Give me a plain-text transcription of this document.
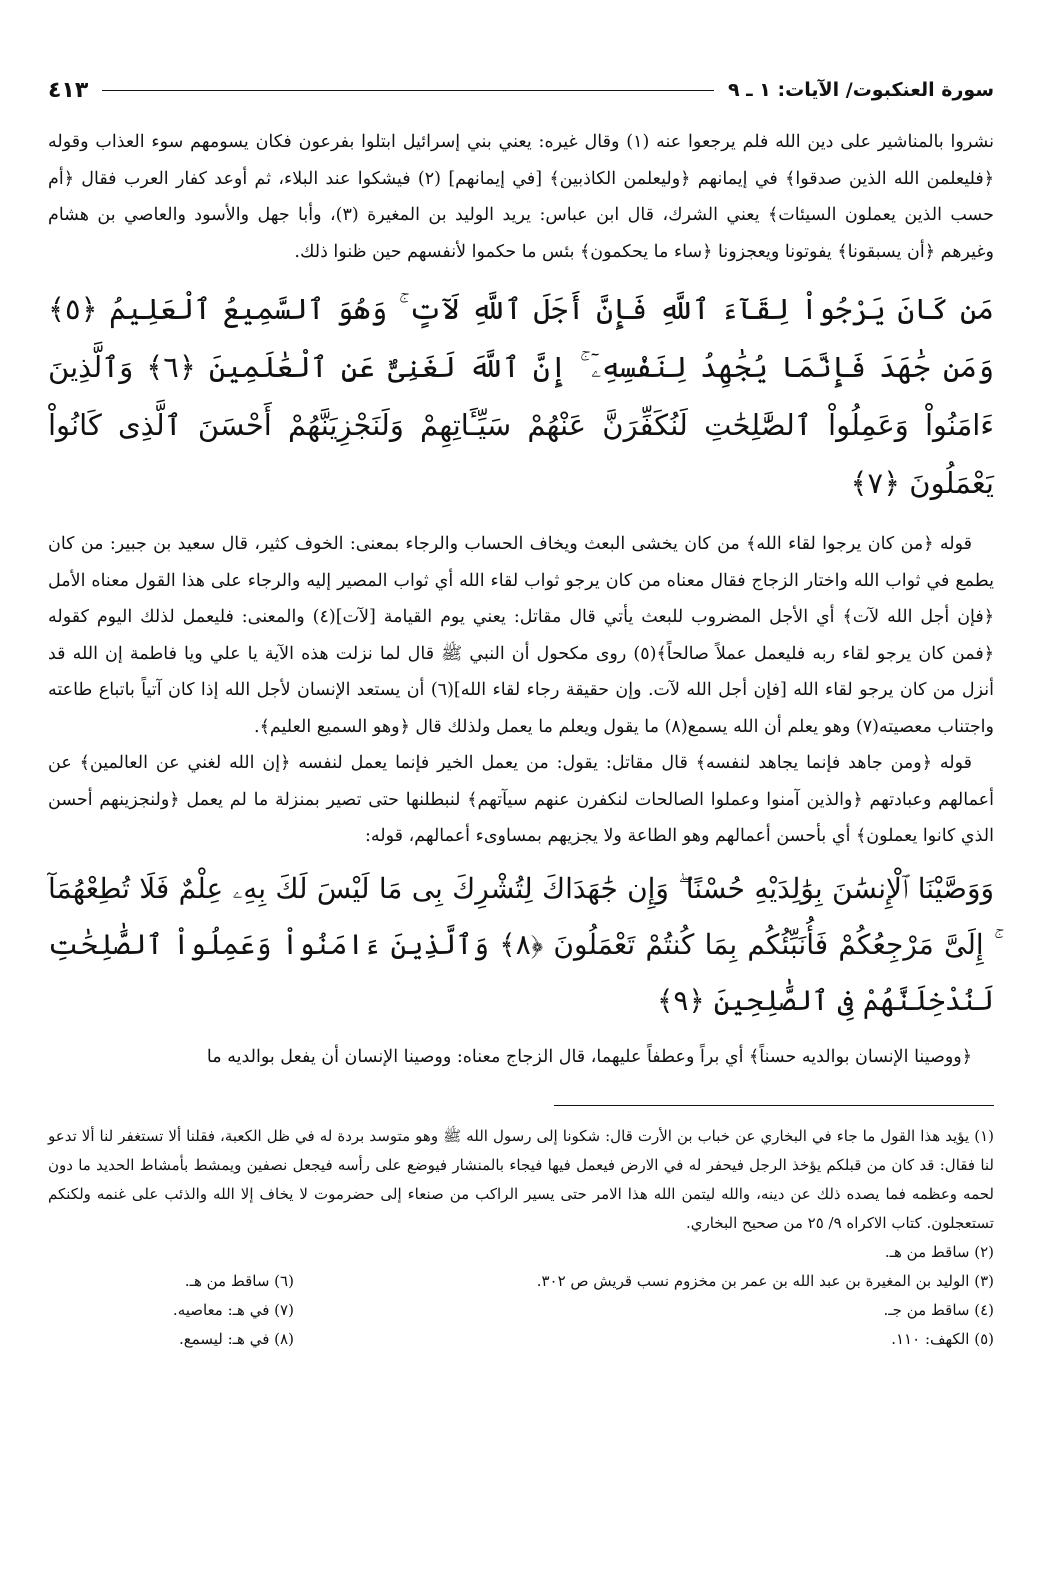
سورة العنكبوت/ الآيات: ١ ـ ٩
٤١٣

نشروا بالمناشير على دين الله فلم يرجعوا عنه (١) وقال غيره: يعني بني إسرائيل ابتلوا بفرعون فكان يسومهم سوء العذاب وقوله ﴿فليعلمن الله الذين صدقوا﴾ في إيمانهم ﴿وليعلمن الكاذبين﴾ [في إيمانهم] (٢) فيشكوا عند البلاء، ثم أوعد كفار العرب فقال ﴿أم حسب الذين يعملون السيئات﴾ يعني الشرك، قال ابن عباس: يريد الوليد بن المغيرة (٣)، وأبا جهل والأسود والعاصي بن هشام وغيرهم ﴿أن يسبقونا﴾ يفوتونا ويعجزونا ﴿ساء ما يحكمون﴾ بئس ما حكموا لأنفسهم حين ظنوا ذلك.

مَن كَانَ يَرْجُواْ لِقَآءَ ٱللَّهِ فَإِنَّ أَجَلَ ٱللَّهِ لَآتٍ ۚ وَهُوَ ٱلسَّمِيعُ ٱلْعَلِيمُ ﴿٥﴾ وَمَن جَٰهَدَ فَإِنَّمَا يُجَٰهِدُ لِنَفْسِهِۦٓ ۚ إِنَّ ٱللَّهَ لَغَنِىٌّ عَنِ ٱلْعَٰلَمِينَ ﴿٦﴾ وَٱلَّذِينَ ءَامَنُواْ وَعَمِلُواْ ٱلصَّٰلِحَٰتِ لَنُكَفِّرَنَّ عَنْهُمْ سَيِّـَٔاتِهِمْ وَلَنَجْزِيَنَّهُمْ أَحْسَنَ ٱلَّذِى كَانُواْ يَعْمَلُونَ ﴿٧﴾

قوله ﴿من كان يرجوا لقاء الله﴾ من كان يخشى البعث ويخاف الحساب والرجاء بمعنى: الخوف كثير، قال سعيد بن جبير: من كان يطمع في ثواب الله واختار الزجاج فقال معناه من كان يرجو ثواب لقاء الله أي ثواب المصير إليه والرجاء على هذا القول معناه الأمل ﴿فإن أجل الله لآت﴾ أي الأجل المضروب للبعث يأتي قال مقاتل: يعني يوم القيامة [لآت](٤) والمعنى: فليعمل لذلك اليوم كقوله ﴿فمن كان يرجو لقاء ربه فليعمل عملاً صالحاً﴾(٥) روى مكحول أن النبي ﷺ قال لما نزلت هذه الآية يا علي ويا فاطمة إن الله قد أنزل من كان يرجو لقاء الله [فإن أجل الله لآت. وإن حقيقة رجاء لقاء الله](٦) أن يستعد الإنسان لأجل الله إذا كان آتياً باتباع طاعته واجتناب معصيته(٧) وهو يعلم أن الله يسمع(٨) ما يقول ويعلم ما يعمل ولذلك قال ﴿وهو السميع العليم﴾.

قوله ﴿ومن جاهد فإنما يجاهد لنفسه﴾ قال مقاتل: يقول: من يعمل الخير فإنما يعمل لنفسه ﴿إن الله لغني عن العالمين﴾ عن أعمالهم وعبادتهم ﴿والذين آمنوا وعملوا الصالحات لنكفرن عنهم سيآتهم﴾ لنبطلنها حتى تصير بمنزلة ما لم يعمل ﴿ولنجزينهم أحسن الذي كانوا يعملون﴾ أي بأحسن أعمالهم وهو الطاعة ولا يجزيهم بمساوىء أعمالهم، قوله:

وَوَصَّيْنَا ٱلْإِنسَٰنَ بِوَٰلِدَيْهِ حُسْنًا ۖ وَإِن جَٰهَدَاكَ لِتُشْرِكَ بِى مَا لَيْسَ لَكَ بِهِۦ عِلْمٌ فَلَا تُطِعْهُمَآ ۚ إِلَىَّ مَرْجِعُكُمْ فَأُنَبِّئُكُم بِمَا كُنتُمْ تَعْمَلُونَ ﴿٨﴾ وَٱلَّذِينَ ءَامَنُواْ وَعَمِلُواْ ٱلصَّٰلِحَٰتِ لَنُدْخِلَنَّهُمْ فِى ٱلصَّٰلِحِينَ ﴿٩﴾

﴿ووصينا الإنسان بوالديه حسناً﴾ أي براً وعطفاً عليهما، قال الزجاج معناه: ووصينا الإنسان أن يفعل بوالديه ما

(١) يؤيد هذا القول ما جاء في البخاري عن خباب بن الأرت قال: شكونا إلى رسول الله ﷺ وهو متوسد بردة له في ظل الكعبة، فقلنا ألا تستغفر لنا ألا تدعو لنا فقال: قد كان من قبلكم يؤخذ الرجل فيحفر له في الارض فيعمل فيها فيجاء بالمنشار فيوضع على رأسه فيجعل نصفين ويمشط بأمشاط الحديد ما دون لحمه وعظمه فما يصده ذلك عن دينه، والله ليتمن الله هذا الامر حتى يسير الراكب من صنعاء إلى حضرموت لا يخاف إلا الله والذئب على غنمه ولكنكم تستعجلون. كتاب الاكراه ٩/ ٢٥ من صحيح البخاري.

(٢) ساقط من هـ.
(٣) الوليد بن المغيرة بن عبد الله بن عمر بن مخزوم نسب قريش ص ٣٠٢.
(٤) ساقط من جـ.
(٥) الكهف: ١١٠.
(٦) ساقط من هـ.
(٧) في هـ: معاصيه.
(٨) في هـ: ليسمع.
